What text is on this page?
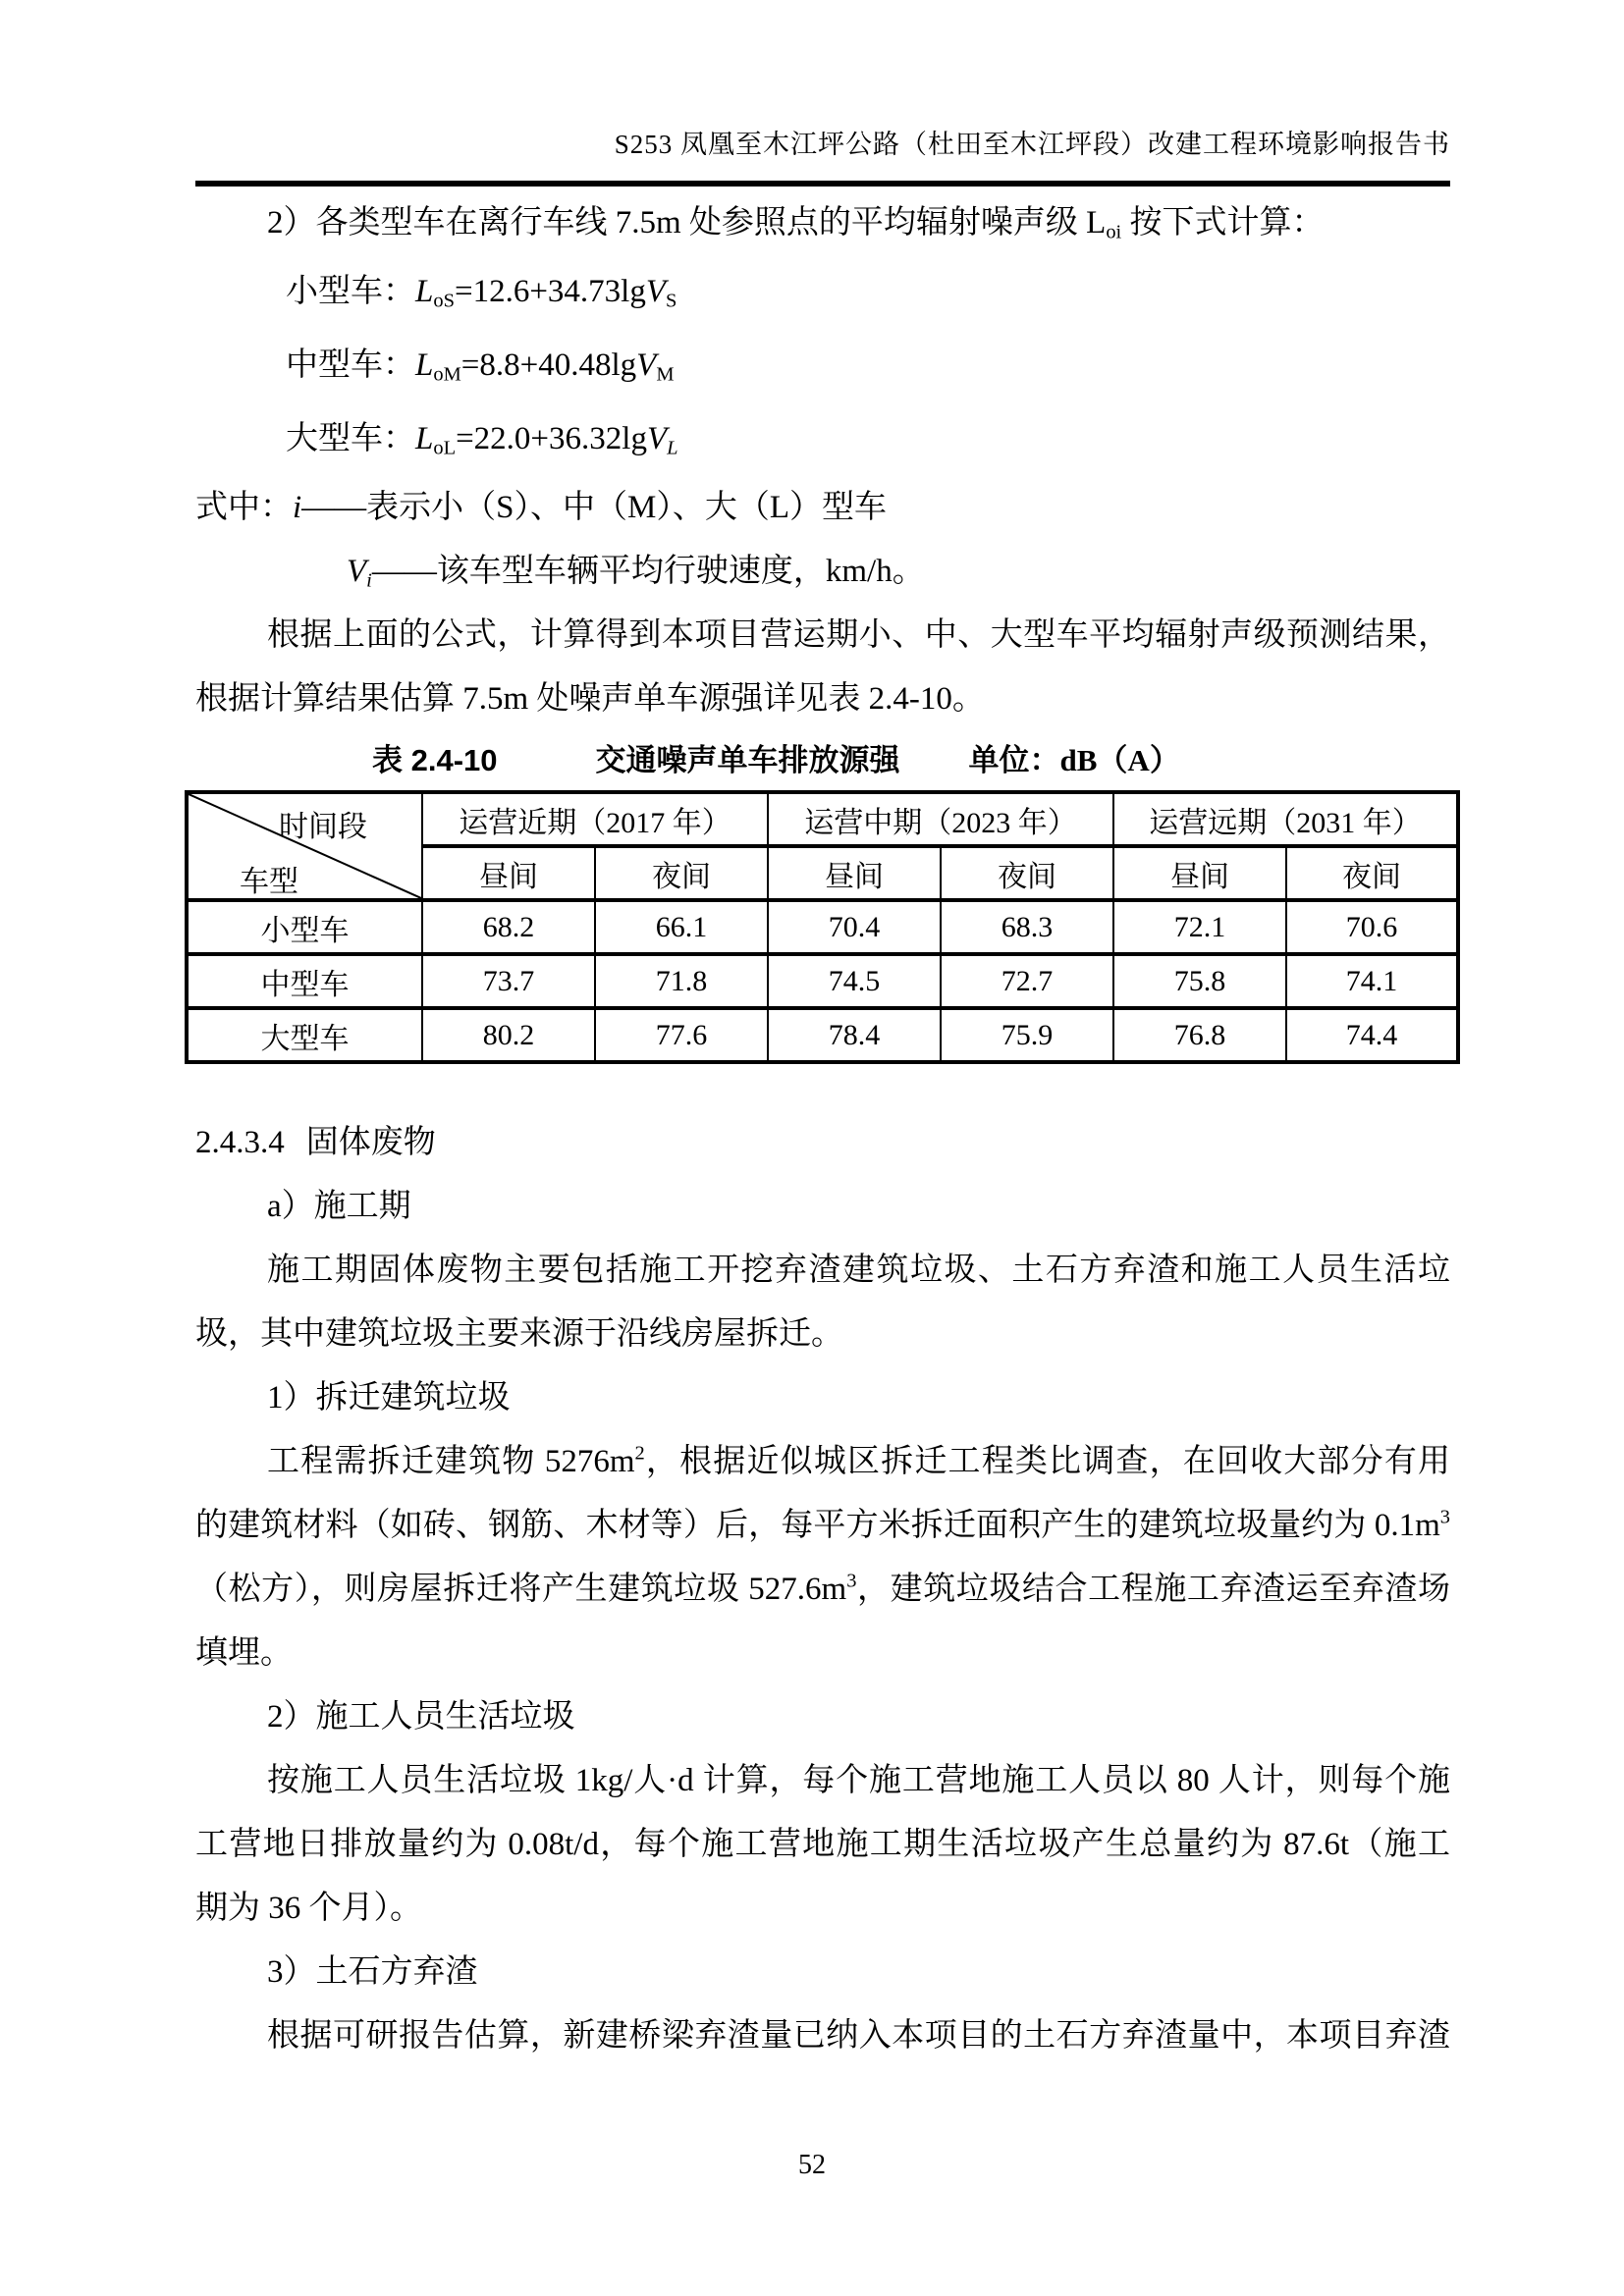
S253 凤凰至木江坪公路（杜田至木江坪段）改建工程环境影响报告书
2）各类型车在离行车线 7.5m 处参照点的平均辐射噪声级 $L_{oi}$ 按下式计算：
小型车：$L_{oS}=12.6+34.73\lg V_S$
中型车：$L_{oM}=8.8+40.48\lg V_M$
大型车：$L_{oL}=22.0+36.32\lg V_L$
式中：i——表示小（S）、中（M）、大（L）型车
$V_i——$该车型车辆平均行驶速度，km/h。
根据上面的公式，计算得到本项目营运期小、中、大型车平均辐射声级预测结果，
根据计算结果估算 7.5m 处噪声单车源强详见表 2.4-10。
表 2.4-10	交通噪声单车排放源强 单位： dB（A）
时间段
车型	运营近期（2017 年）		运营中期（2023 年）		运营远期（2031 年）	
	昼间	夜间	昼间	夜间	昼间	夜间
小型车	68.2	66.1	70.4	68.3	72.1	70.6
中型车	73.7	71.8	74.5	72.7	75.8	74.1
大型车	80.2	77.6	78.4	75.9	76.8	74.4
2.4.3.4 固体废物
a）施工期
施工期固体废物主要包括施工开挖弃渣建筑垃圾、土石方弃渣和施工人员生活垃
圾，其中建筑垃圾主要来源于沿线房屋拆迁。
1）拆迁建筑垃圾
工程需拆迁建筑物 $5276m^2$，根据近似城区拆迁工程类比调查，在回收大部分有用
的建筑材料（如砖、钢筋、木材等）后，每平方米拆迁面积产生的建筑垃圾量约为 $0.1m^3$
（松方），则房屋拆迁将产生建筑垃圾 $527.6m^3$，建筑垃圾结合工程施工弃渣运至弃渣场
填埋。
2）施工人员生活垃圾
按施工人员生活垃圾 1kg/人·d 计算，每个施工营地施工人员以 80 人计，则每个施
工营地日排放量约为 0.08t/d，每个施工营地施工期生活垃圾产生总量约为 87.6t（施工
期为 36 个月）。
3）土石方弃渣
根据可研报告估算，新建桥梁弃渣量已纳入本项目的土石方弃渣量中，本项目弃渣
52
